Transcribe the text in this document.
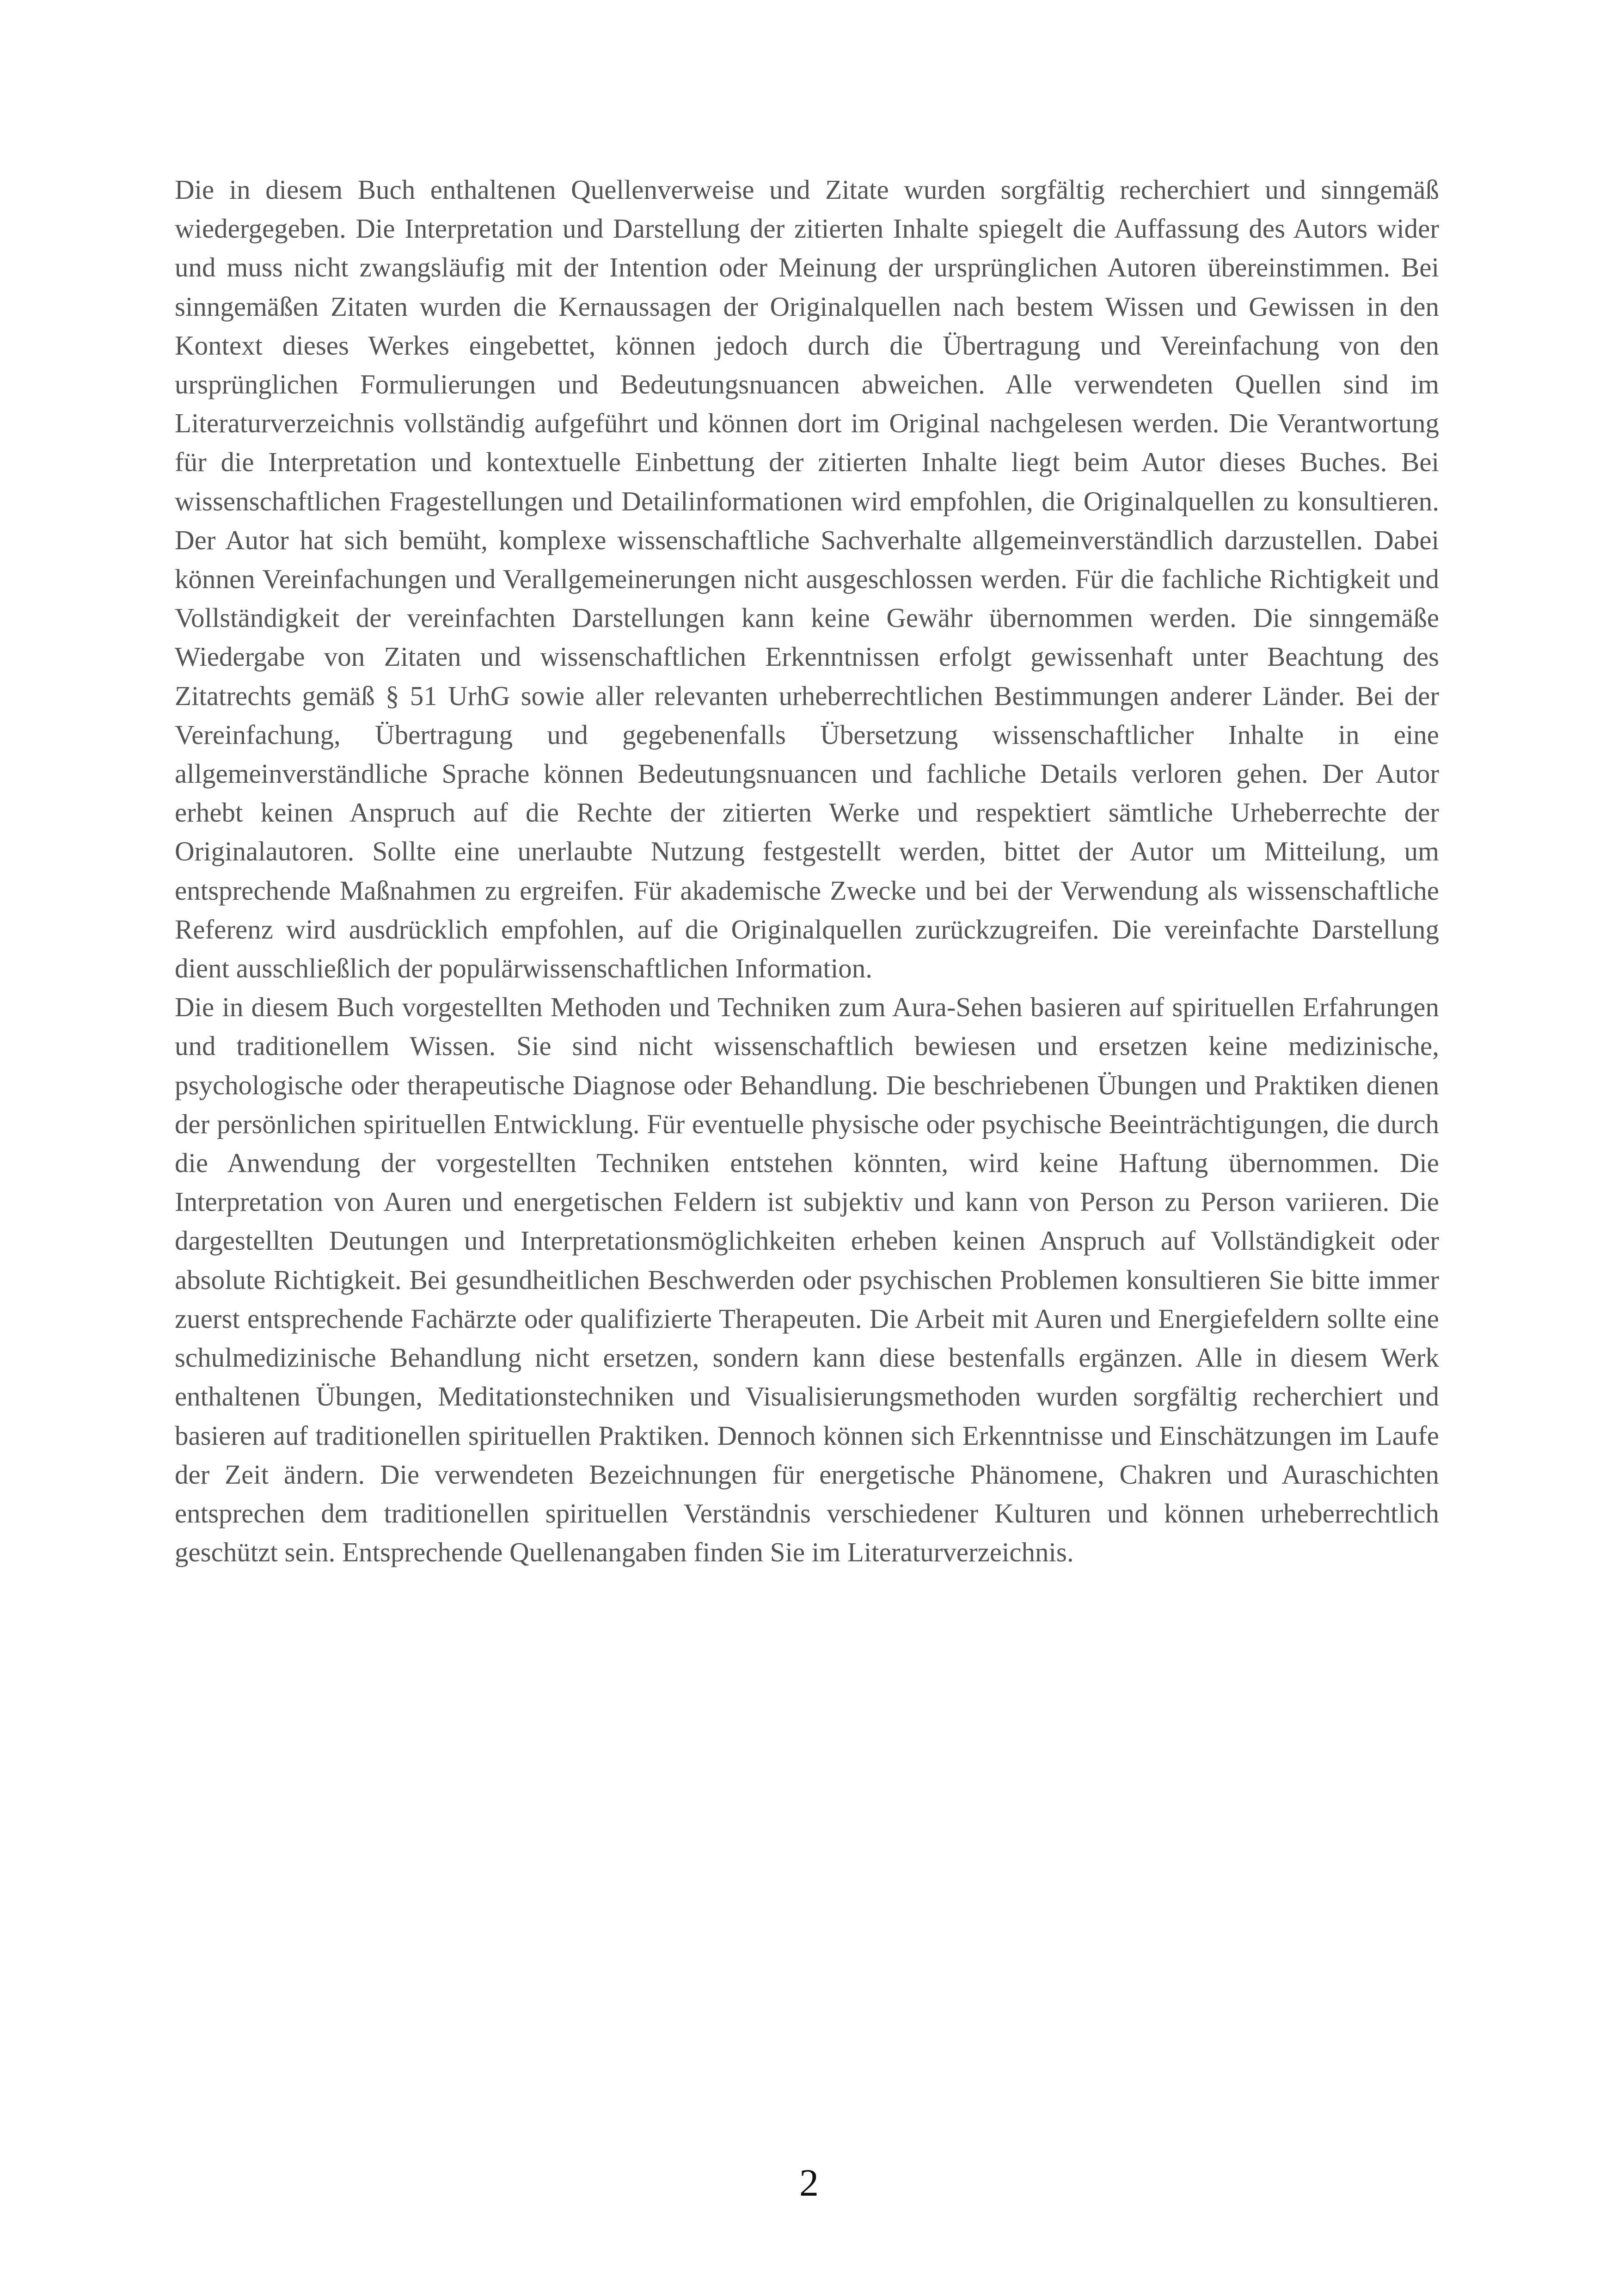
Die in diesem Buch enthaltenen Quellenverweise und Zitate wurden sorgfältig recherchiert und sinngemäß wiedergegeben. Die Interpretation und Darstellung der zitierten Inhalte spiegelt die Auffassung des Autors wider und muss nicht zwangsläufig mit der Intention oder Meinung der ursprünglichen Autoren übereinstimmen. Bei sinngemäßen Zitaten wurden die Kernaussagen der Originalquellen nach bestem Wissen und Gewissen in den Kontext dieses Werkes eingebettet, können jedoch durch die Übertragung und Vereinfachung von den ursprünglichen Formulierungen und Bedeutungsnuancen abweichen. Alle verwendeten Quellen sind im Literaturverzeichnis vollständig aufgeführt und können dort im Original nachgelesen werden. Die Verantwortung für die Interpretation und kontextuelle Einbettung der zitierten Inhalte liegt beim Autor dieses Buches. Bei wissenschaftlichen Fragestellungen und Detailinformationen wird empfohlen, die Originalquellen zu konsultieren. Der Autor hat sich bemüht, komplexe wissenschaftliche Sachverhalte allgemeinverständlich darzustellen. Dabei können Vereinfachungen und Verallgemeinerungen nicht ausgeschlossen werden. Für die fachliche Richtigkeit und Vollständigkeit der vereinfachten Darstellungen kann keine Gewähr übernommen werden. Die sinngemäße Wiedergabe von Zitaten und wissenschaftlichen Erkenntnissen erfolgt gewissenhaft unter Beachtung des Zitatrechts gemäß § 51 UrhG sowie aller relevanten urheberrechtlichen Bestimmungen anderer Länder. Bei der Vereinfachung, Übertragung und gegebenenfalls Übersetzung wissenschaftlicher Inhalte in eine allgemeinverständliche Sprache können Bedeutungsnuancen und fachliche Details verloren gehen. Der Autor erhebt keinen Anspruch auf die Rechte der zitierten Werke und respektiert sämtliche Urheberrechte der Originalautoren. Sollte eine unerlaubte Nutzung festgestellt werden, bittet der Autor um Mitteilung, um entsprechende Maßnahmen zu ergreifen. Für akademische Zwecke und bei der Verwendung als wissenschaftliche Referenz wird ausdrücklich empfohlen, auf die Originalquellen zurückzugreifen. Die vereinfachte Darstellung dient ausschließlich der populärwissenschaftlichen Information.

Die in diesem Buch vorgestellten Methoden und Techniken zum Aura-Sehen basieren auf spirituellen Erfahrungen und traditionellem Wissen. Sie sind nicht wissenschaftlich bewiesen und ersetzen keine medizinische, psychologische oder therapeutische Diagnose oder Behandlung. Die beschriebenen Übungen und Praktiken dienen der persönlichen spirituellen Entwicklung. Für eventuelle physische oder psychische Beeinträchtigungen, die durch die Anwendung der vorgestellten Techniken entstehen könnten, wird keine Haftung übernommen. Die Interpretation von Auren und energetischen Feldern ist subjektiv und kann von Person zu Person variieren. Die dargestellten Deutungen und Interpretationsmöglichkeiten erheben keinen Anspruch auf Vollständigkeit oder absolute Richtigkeit. Bei gesundheitlichen Beschwerden oder psychischen Problemen konsultieren Sie bitte immer zuerst entsprechende Fachärzte oder qualifizierte Therapeuten. Die Arbeit mit Auren und Energiefeldern sollte eine schulmedizinische Behandlung nicht ersetzen, sondern kann diese bestenfalls ergänzen. Alle in diesem Werk enthaltenen Übungen, Meditationstechniken und Visualisierungsmethoden wurden sorgfältig recherchiert und basieren auf traditionellen spirituellen Praktiken. Dennoch können sich Erkenntnisse und Einschätzungen im Laufe der Zeit ändern. Die verwendeten Bezeichnungen für energetische Phänomene, Chakren und Auraschichten entsprechen dem traditionellen spirituellen Verständnis verschiedener Kulturen und können urheberrechtlich geschützt sein. Entsprechende Quellenangaben finden Sie im Literaturverzeichnis.

2
